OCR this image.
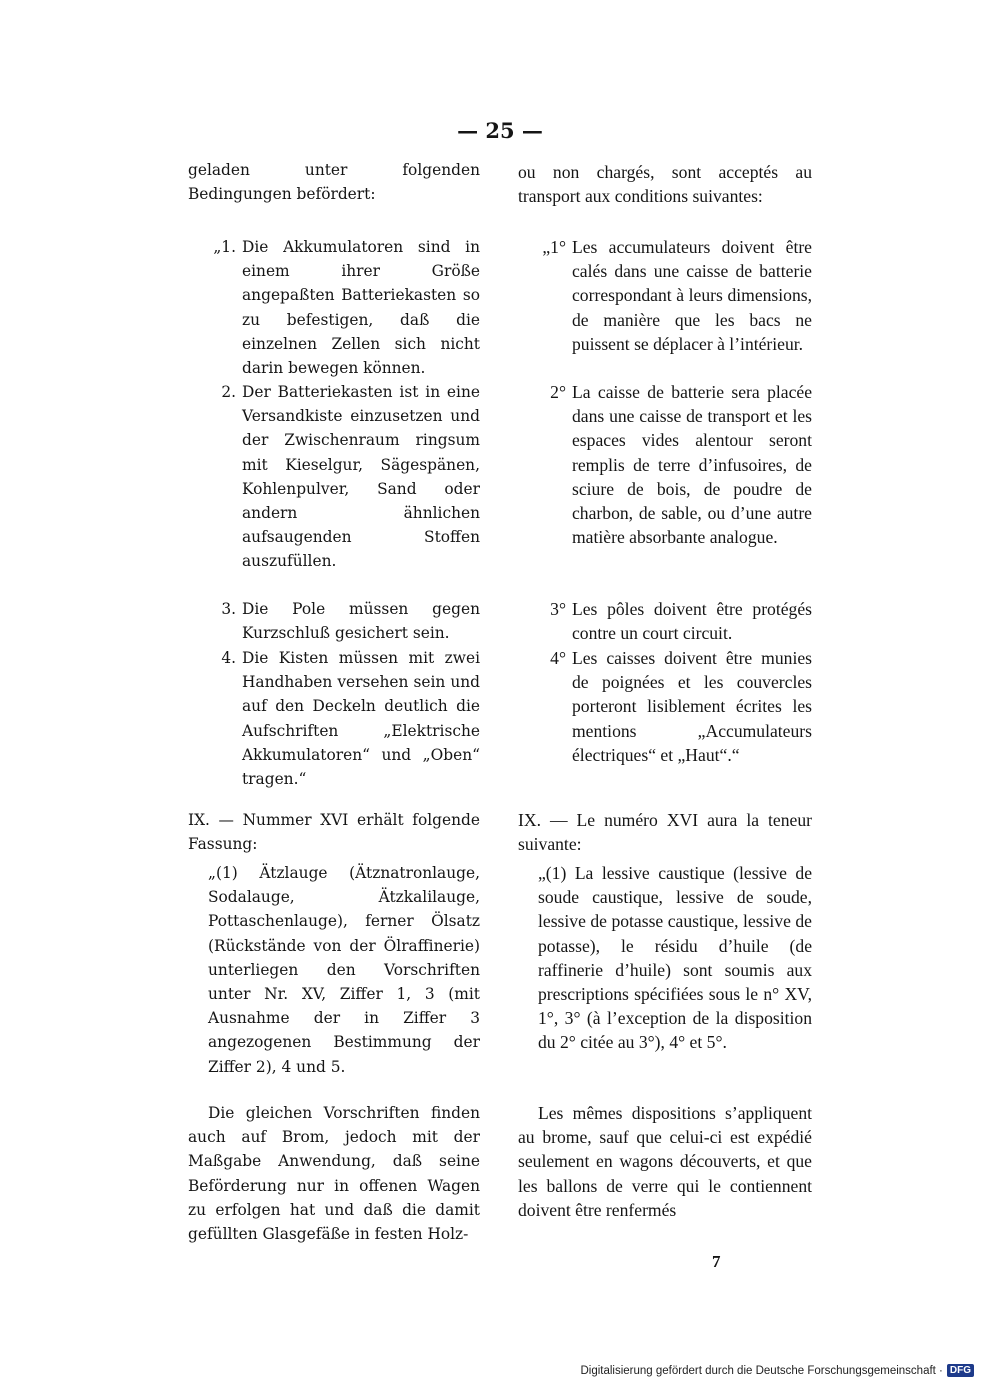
— 25 —

geladen unter folgenden Bedingungen befördert:

„1. Die Akkumulatoren sind in einem ihrer Größe angepaßten Batteriekasten so zu befestigen, daß die einzelnen Zellen sich nicht darin bewegen können.
2. Der Batteriekasten ist in eine Versandkiste einzusetzen und der Zwischenraum ringsum mit Kieselgur, Sägespänen, Kohlenpulver, Sand oder andern ähnlichen aufsaugenden Stoffen auszufüllen.
3. Die Pole müssen gegen Kurzschluß gesichert sein.
4. Die Kisten müssen mit zwei Handhaben versehen sein und auf den Deckeln deutlich die Aufschriften „Elektrische Akkumulatoren“ und „Oben“ tragen.“

IX. — Nummer XVI erhält folgende Fassung:

„(1) Ätzlauge (Ätznatronlauge, Sodalauge, Ätzkalilauge, Pottaschenlauge), ferner Ölsatz (Rückstände von der Ölraffinerie) unterliegen den Vorschriften unter Nr. XV, Ziffer 1, 3 (mit Ausnahme der in Ziffer 3 angezogenen Bestimmung der Ziffer 2), 4 und 5.

Die gleichen Vorschriften finden auch auf Brom, jedoch mit der Maßgabe Anwendung, daß seine Beförderung nur in offenen Wagen zu erfolgen hat und daß die damit gefüllten Glasgefäße in festen Holz-

ou non chargés, sont acceptés au transport aux conditions suivantes:

„1° Les accumulateurs doivent être calés dans une caisse de batterie correspondant à leurs dimensions, de manière que les bacs ne puissent se déplacer à l’intérieur.
2° La caisse de batterie sera placée dans une caisse de transport et les espaces vides alentour seront remplis de terre d’infusoires, de sciure de bois, de poudre de charbon, de sable, ou d’une autre matière absorbante analogue.
3° Les pôles doivent être protégés contre un court circuit.
4° Les caisses doivent être munies de poignées et les couvercles porteront lisiblement écrites les mentions „Accumulateurs électriques“ et „Haut“.“

IX. — Le numéro XVI aura la teneur suivante:

„(1) La lessive caustique (lessive de soude caustique, lessive de soude, lessive de potasse caustique, lessive de potasse), le résidu d’huile (de raffinerie d’huile) sont soumis aux prescriptions spécifiées sous le n° XV, 1°, 3° (à l’exception de la disposition du 2° citée au 3°), 4° et 5°.

Les mêmes dispositions s’appliquent au brome, sauf que celui-ci est expédié seulement en wagons découverts, et que les ballons de verre qui le contiennent doivent être renfermés

7
Digitalisierung gefördert durch die Deutsche Forschungsgemeinschaft · DFG
